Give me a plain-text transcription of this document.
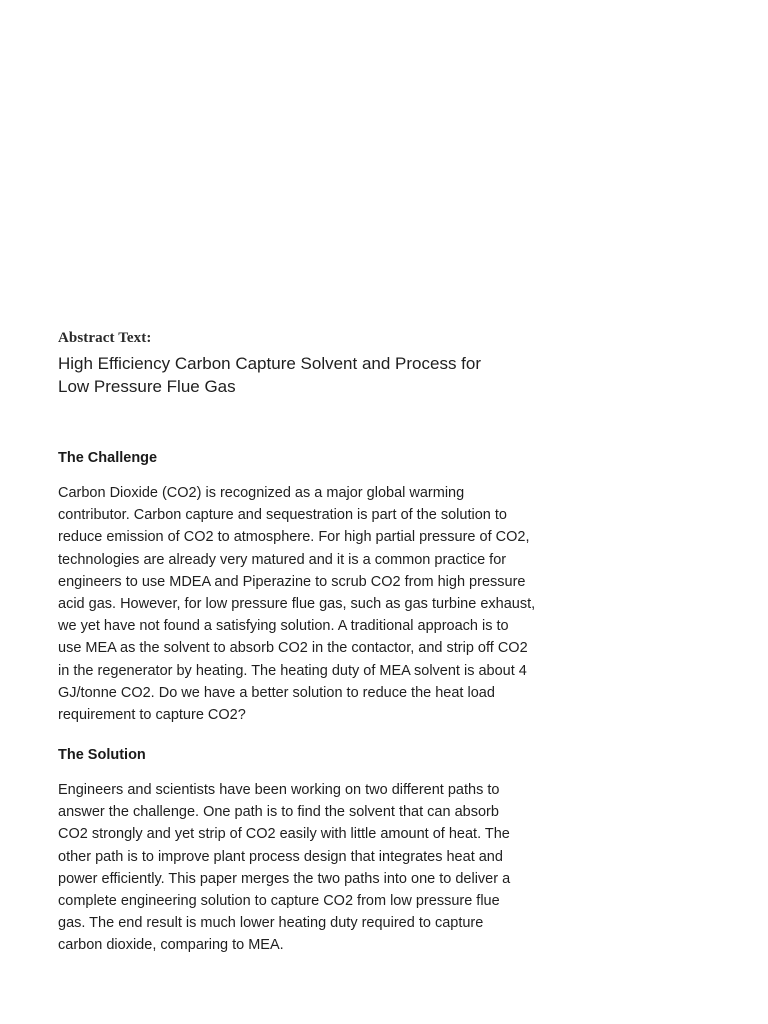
Abstract Text:
High Efficiency Carbon Capture Solvent and Process for
Low Pressure Flue Gas
The Challenge
Carbon Dioxide (CO2) is recognized as a major global warming
contributor. Carbon capture and sequestration is part of the solution to
reduce emission of CO2 to atmosphere. For high partial pressure of CO2,
technologies are already very matured and it is a common practice for
engineers to use MDEA and Piperazine to scrub CO2 from high pressure
acid gas. However, for low pressure flue gas, such as gas turbine exhaust,
we yet have not found a satisfying solution. A traditional approach is to
use MEA as the solvent to absorb CO2 in the contactor, and strip off CO2
in the regenerator by heating. The heating duty of MEA solvent is about 4
GJ/tonne CO2. Do we have a better solution to reduce the heat load
requirement to capture CO2?
The Solution
Engineers and scientists have been working on two different paths to
answer the challenge. One path is to find the solvent that can absorb
CO2 strongly and yet strip of CO2 easily with little amount of heat. The
other path is to improve plant process design that integrates heat and
power efficiently. This paper merges the two paths into one to deliver a
complete engineering solution to capture CO2 from low pressure flue
gas. The end result is much lower heating duty required to capture
carbon dioxide, comparing to MEA.
